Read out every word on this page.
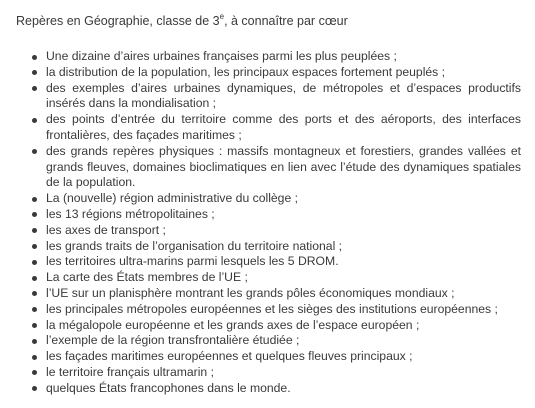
Repères en Géographie, classe de 3e, à connaître par cœur

Une dizaine d’aires urbaines françaises parmi les plus peuplées ;
la distribution de la population, les principaux espaces fortement peuplés ;
des exemples d’aires urbaines dynamiques, de métropoles et d’espaces productifs insérés dans la mondialisation ;
des points d’entrée du territoire comme des ports et des aéroports, des interfaces frontalières, des façades maritimes ;
des grands repères physiques : massifs montagneux et forestiers, grandes vallées et grands fleuves, domaines bioclimatiques en lien avec l’étude des dynamiques spatiales de la population.
La (nouvelle) région administrative du collège ;
les 13 régions métropolitaines ;
les axes de transport ;
les grands traits de l’organisation du territoire national ;
les territoires ultra-marins parmi lesquels les 5 DROM.
La carte des États membres de l’UE ;
l’UE sur un planisphère montrant les grands pôles économiques mondiaux ;
les principales métropoles européennes et les sièges des institutions européennes ;
la mégalopole européenne et les grands axes de l’espace européen ;
l’exemple de la région transfrontalière étudiée ;
les façades maritimes européennes et quelques fleuves principaux ;
le territoire français ultramarin ;
quelques États francophones dans le monde.
